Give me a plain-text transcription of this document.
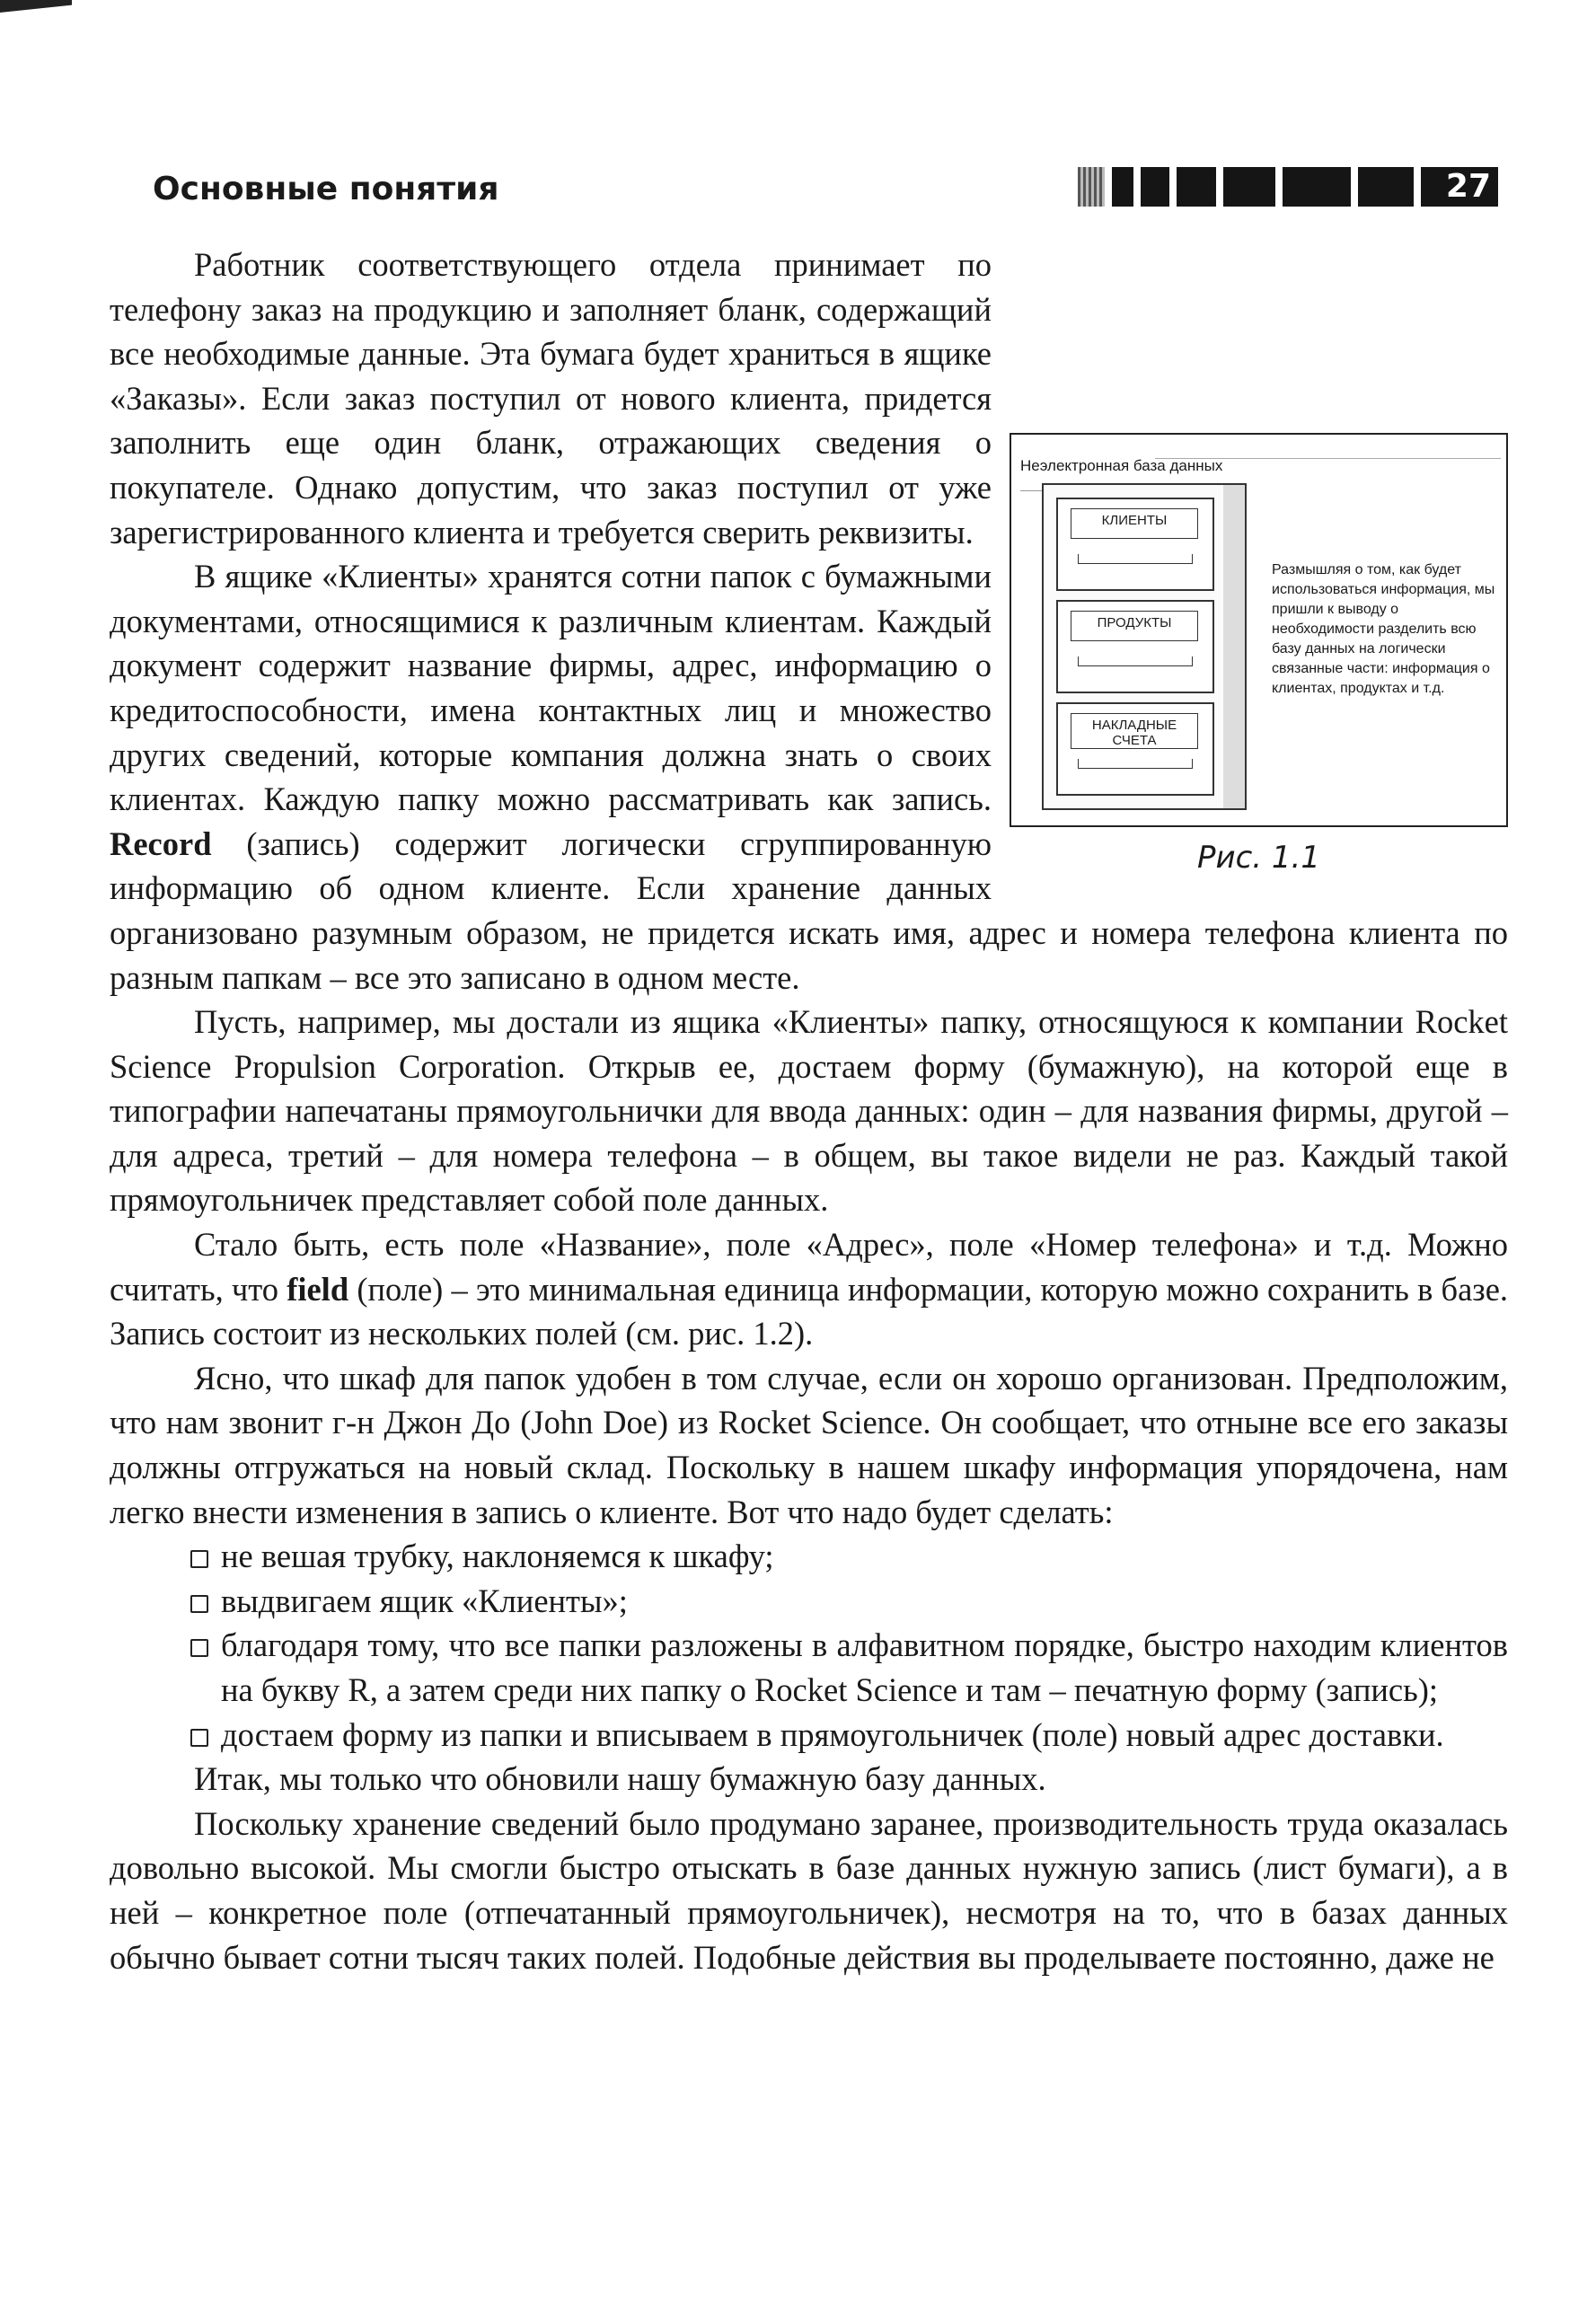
Основные понятия	27
Неэлектронная база данных
КЛИЕНТЫ
ПРОДУКТЫ
НАКЛАДНЫЕ СЧЕТА
Размышляя о том, как будет использоваться информация, мы пришли к выводу о необходимости разделить всю базу данных на логически связанные части: информация о клиентах, продуктах и т.д.
Рис. 1.1

Работник соответствующего отдела принимает по телефону заказ на продукцию и заполняет бланк, содержащий все необходимые данные. Эта бумага будет храниться в ящике «Заказы». Если заказ поступил от нового клиента, придется заполнить еще один бланк, отражающих сведения о покупателе. Однако допустим, что заказ поступил от уже зарегистрированного клиента и требуется сверить реквизиты.

В ящике «Клиенты» хранятся сотни папок с бумажными документами, относящимися к различным клиентам. Каждый документ содержит название фирмы, адрес, информацию о кредитоспособности, имена контактных лиц и множество других сведений, которые компания должна знать о своих клиентах. Каждую папку можно рассматривать как запись. Record (запись) содержит логически сгруппированную информацию об одном клиенте. Если хранение данных организовано разумным образом, не придется искать имя, адрес и номера телефона клиента по разным папкам – все это записано в одном месте.

Пусть, например, мы достали из ящика «Клиенты» папку, относящуюся к компании Rocket Science Propulsion Corporation. Открыв ее, достаем форму (бумажную), на которой еще в типографии напечатаны прямоугольнички для ввода данных: один – для названия фирмы, другой – для адреса, третий – для номера телефона – в общем, вы такое видели не раз. Каждый такой прямоугольничек представляет собой поле данных.

Стало быть, есть поле «Название», поле «Адрес», поле «Номер телефона» и т.д. Можно считать, что field (поле) – это минимальная единица информации, которую можно сохранить в базе. Запись состоит из нескольких полей (см. рис. 1.2).

Ясно, что шкаф для папок удобен в том случае, если он хорошо организован. Предположим, что нам звонит г-н Джон До (John Doe) из Rocket Science. Он сообщает, что отныне все его заказы должны отгружаться на новый склад. Поскольку в нашем шкафу информация упорядочена, нам легко внести изменения в запись о клиенте. Вот что надо будет сделать:

не вешая трубку, наклоняемся к шкафу;
выдвигаем ящик «Клиенты»;
благодаря тому, что все папки разложены в алфавитном порядке, быстро находим клиентов на букву R, а затем среди них папку о Rocket Science и там – печатную форму (запись);
достаем форму из папки и вписываем в прямоугольничек (поле) новый адрес доставки.

Итак, мы только что обновили нашу бумажную базу данных.

Поскольку хранение сведений было продумано заранее, производительность труда оказалась довольно высокой. Мы смогли быстро отыскать в базе данных нужную запись (лист бумаги), а в ней – конкретное поле (отпечатанный прямоугольничек), несмотря на то, что в базах данных обычно бывает сотни тысяч таких полей. Подобные действия вы проделываете постоянно, даже не
